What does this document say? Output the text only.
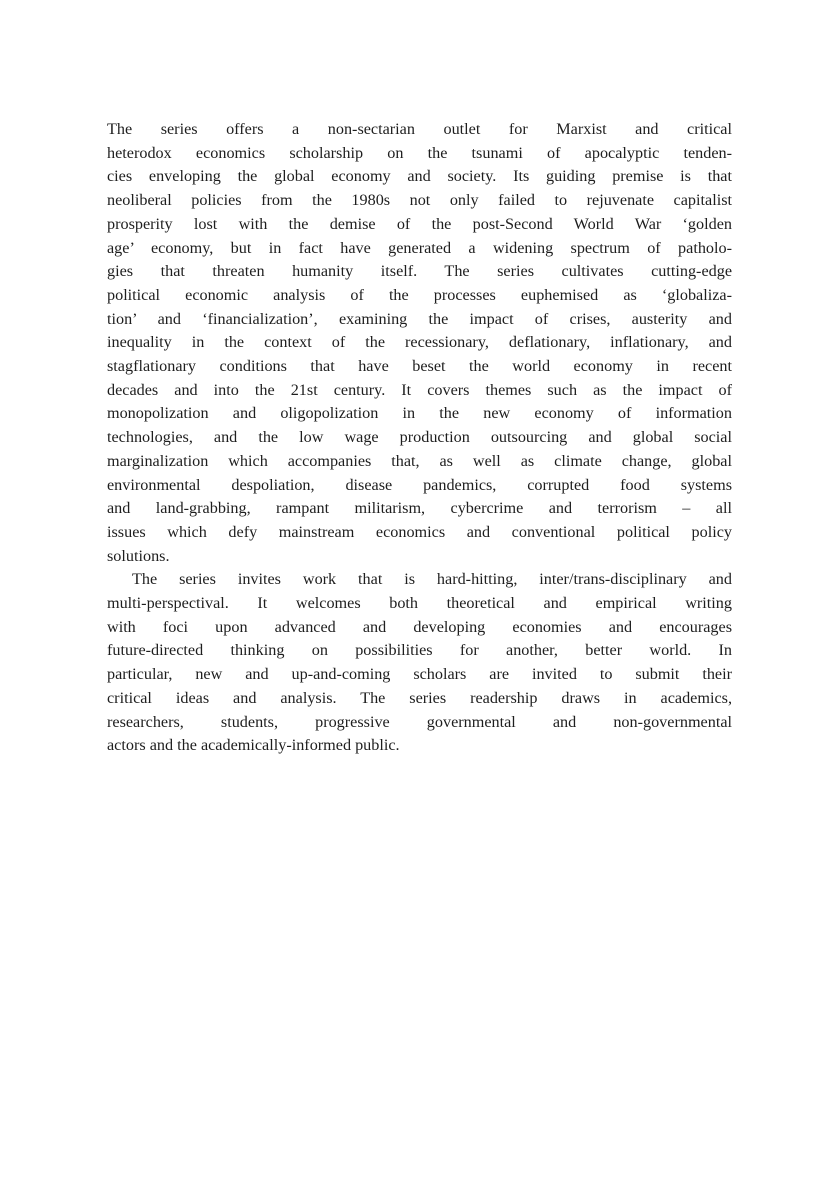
The series offers a non-sectarian outlet for Marxist and critical
heterodox economics scholarship on the tsunami of apocalyptic tenden-
cies enveloping the global economy and society. Its guiding premise is that
neoliberal policies from the 1980s not only failed to rejuvenate capitalist
prosperity lost with the demise of the post-Second World War ‘golden
age’ economy, but in fact have generated a widening spectrum of patholo-
gies that threaten humanity itself. The series cultivates cutting-edge
political economic analysis of the processes euphemised as ‘globaliza-
tion’ and ‘financialization’, examining the impact of crises, austerity and
inequality in the context of the recessionary, deflationary, inflationary, and
stagflationary conditions that have beset the world economy in recent
decades and into the 21st century. It covers themes such as the impact of
monopolization and oligopolization in the new economy of information
technologies, and the low wage production outsourcing and global social
marginalization which accompanies that, as well as climate change, global
environmental despoliation, disease pandemics, corrupted food systems
and land-grabbing, rampant militarism, cybercrime and terrorism – all
issues which defy mainstream economics and conventional political policy
solutions.
The series invites work that is hard-hitting, inter/trans-disciplinary and
multi-perspectival. It welcomes both theoretical and empirical writing
with foci upon advanced and developing economies and encourages
future-directed thinking on possibilities for another, better world. In
particular, new and up-and-coming scholars are invited to submit their
critical ideas and analysis. The series readership draws in academics,
researchers, students, progressive governmental and non-governmental
actors and the academically-informed public.
